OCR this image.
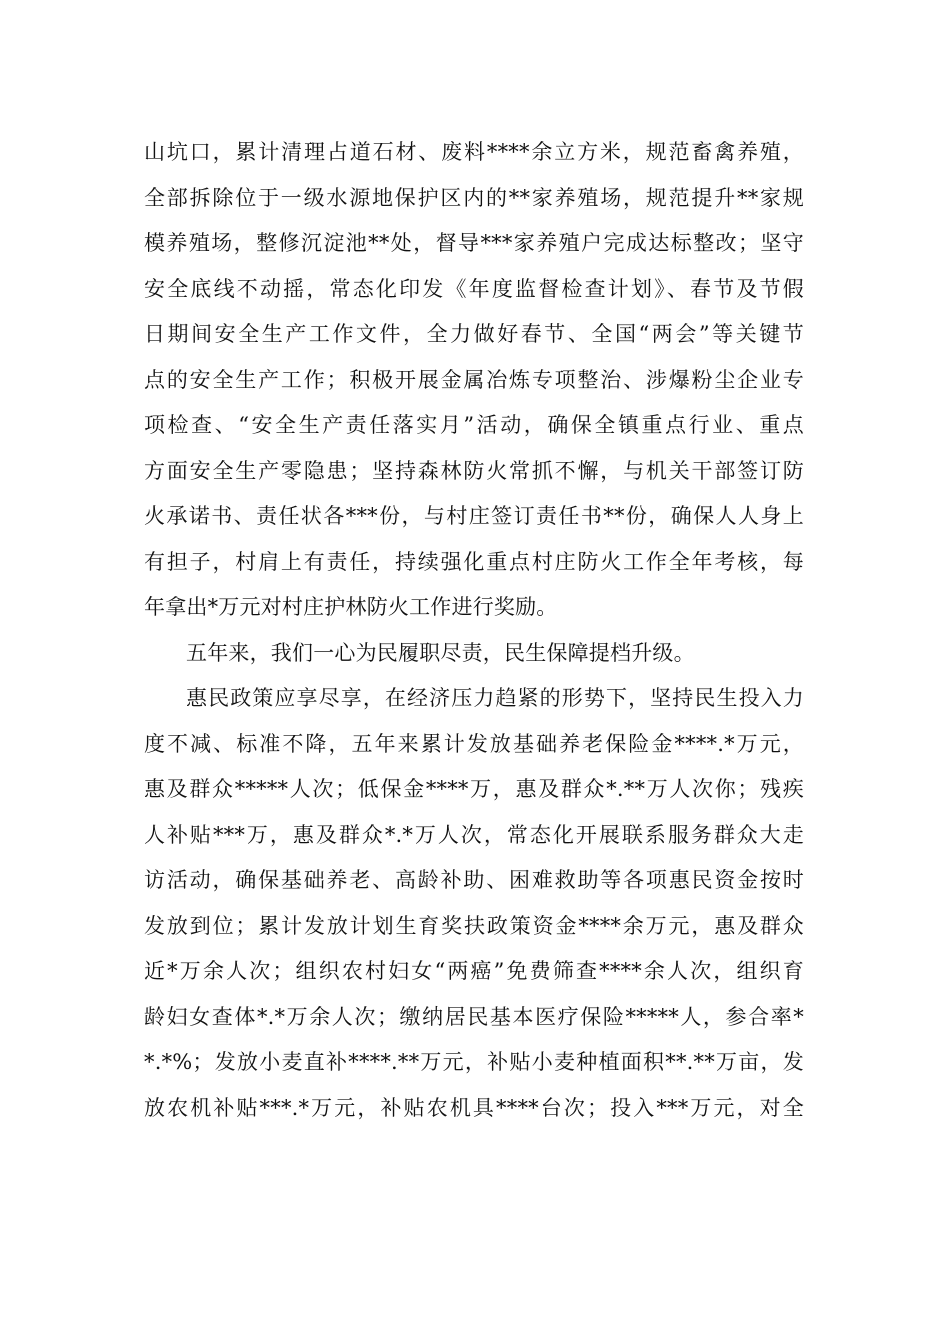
山坑口，累计清理占道石材、废料****余立方米，规范畜禽养殖，
全部拆除位于一级水源地保护区内的**家养殖场，规范提升**家规
模养殖场，整修沉淀池**处，督导***家养殖户完成达标整改；坚守
安全底线不动摇，常态化印发《年度监督检查计划》、春节及节假
日期间安全生产工作文件，全力做好春节、全国“两会”等关键节
点的安全生产工作；积极开展金属冶炼专项整治、涉爆粉尘企业专
项检查、“安全生产责任落实月”活动，确保全镇重点行业、重点
方面安全生产零隐患；坚持森林防火常抓不懈，与机关干部签订防
火承诺书、责任状各***份，与村庄签订责任书**份，确保人人身上
有担子，村肩上有责任，持续强化重点村庄防火工作全年考核，每
年拿出*万元对村庄护林防火工作进行奖励。
五年来，我们一心为民履职尽责，民生保障提档升级。
惠民政策应享尽享，在经济压力趋紧的形势下，坚持民生投入力
度不减、标准不降，五年来累计发放基础养老保险金****.*万元，
惠及群众*****人次；低保金****万，惠及群众*.**万人次你；残疾
人补贴***万，惠及群众*.*万人次，常态化开展联系服务群众大走
访活动，确保基础养老、高龄补助、困难救助等各项惠民资金按时
发放到位；累计发放计划生育奖扶政策资金****余万元，惠及群众
近*万余人次；组织农村妇女“两癌”免费筛查****余人次，组织育
龄妇女查体*.*万余人次；缴纳居民基本医疗保险*****人，参合率*
*.*%；发放小麦直补****.**万元，补贴小麦种植面积**.**万亩，发
放农机补贴***.*万元，补贴农机具****台次；投入***万元，对全
